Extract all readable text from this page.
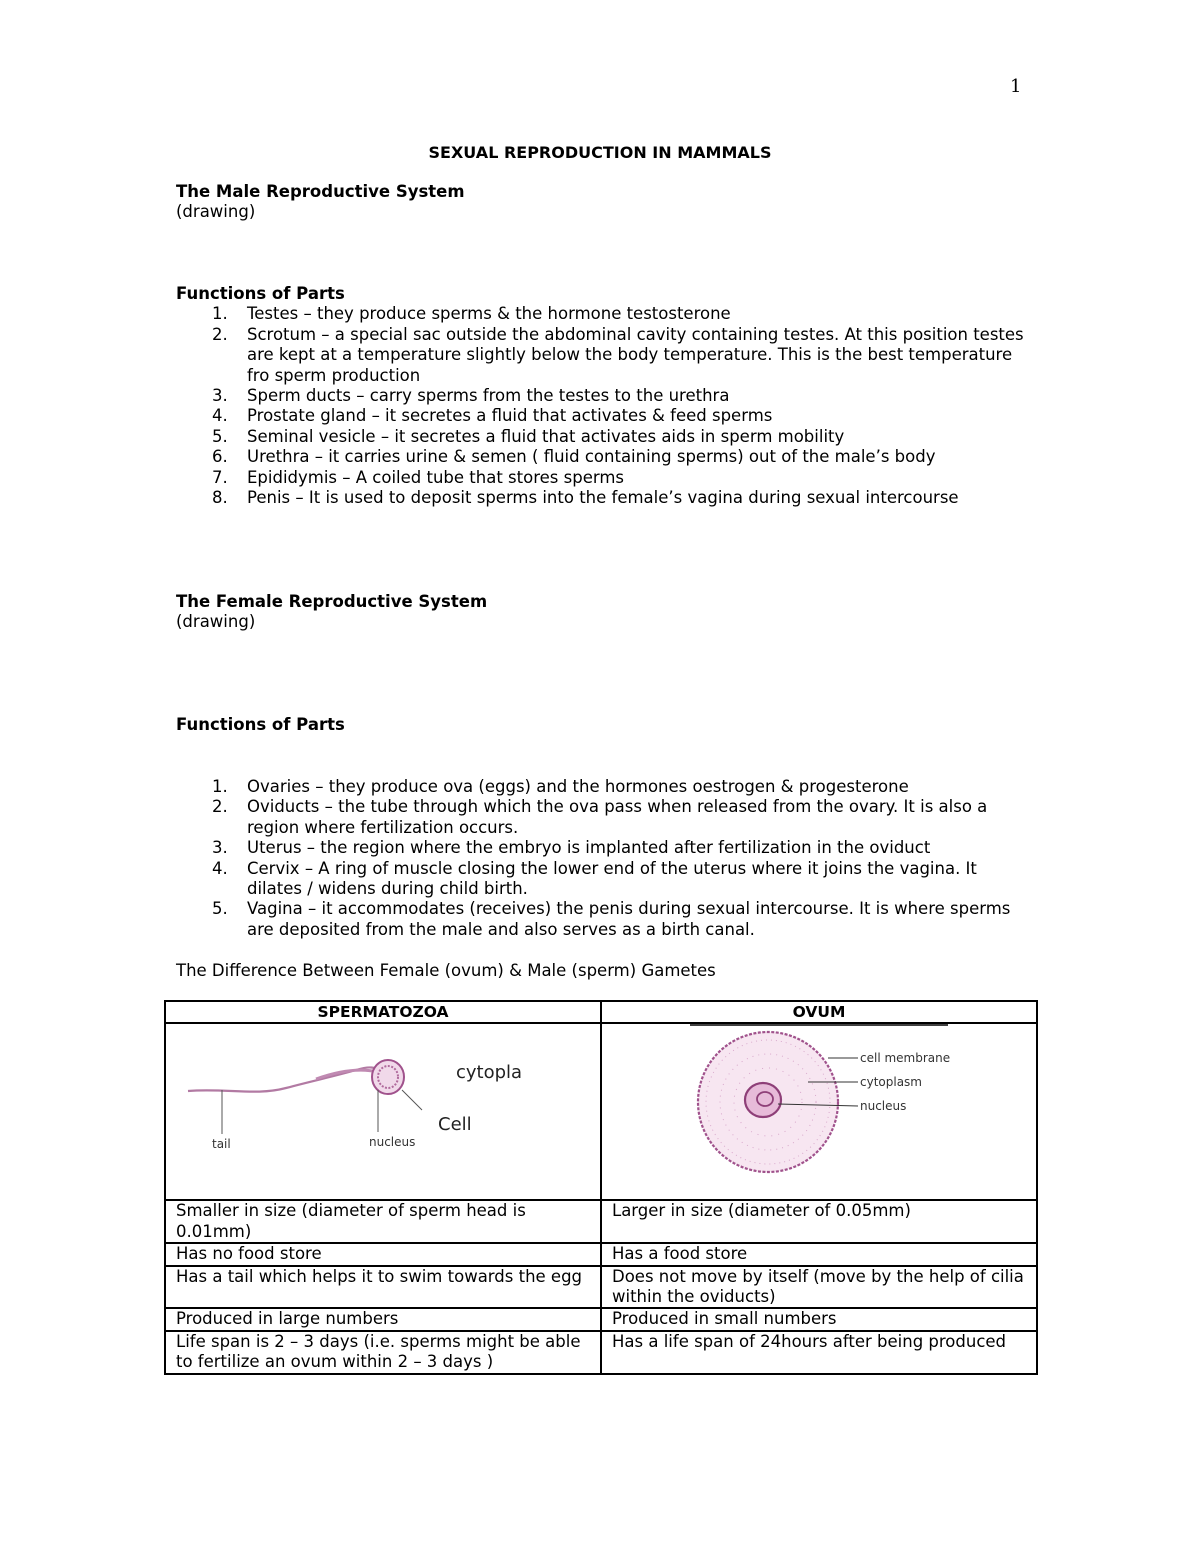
1
SEXUAL REPRODUCTION IN MAMMALS
The Male Reproductive System
(drawing)
Functions of Parts
1.	Testes – they produce sperms & the hormone testosterone
2.	Scrotum – a special sac outside the abdominal cavity containing testes. At this position testes are kept at a temperature slightly below the body temperature. This is the best temperature fro sperm production
3.	Sperm ducts – carry sperms from the testes to the urethra
4.	Prostate gland – it secretes a fluid that activates & feed sperms
5.	Seminal vesicle – it secretes a fluid that activates aids in sperm mobility
6.	Urethra – it carries urine & semen ( fluid containing sperms) out of the male’s body
7.	Epididymis – A coiled tube that stores sperms
8.	Penis – It is used to deposit sperms into the female’s vagina during sexual intercourse
The Female Reproductive System
(drawing)
Functions of Parts
1.	Ovaries – they produce ova (eggs) and the hormones oestrogen & progesterone
2.	Oviducts – the tube through which the ova pass when released from the ovary. It is also a region where fertilization occurs.
3.	Uterus – the region where the embryo is implanted after fertilization in the oviduct
4.	Cervix – A ring of muscle closing the lower end of the uterus where it joins the vagina. It dilates / widens during child birth.
5.	Vagina – it accommodates (receives) the penis during sexual intercourse. It is where sperms are deposited from the male and also serves as a birth canal.
The Difference Between Female (ovum) & Male (sperm) Gametes
SPERMATOZOA	OVUM

tail nucleus
cytopla
Cell	cell membrane
cytoplasm
nucleus

Smaller in size (diameter of sperm head is 0.01mm)	Larger in size (diameter of 0.05mm)
Has no food store	Has a food store
Has a tail which helps it to swim towards the egg	Does not move by itself (move by the help of cilia within the oviducts)
Produced in large numbers	Produced in small numbers
Life span is 2 – 3 days (i.e. sperms might be able to fertilize an ovum within 2 – 3 days )	Has a life span of 24hours after being produced
